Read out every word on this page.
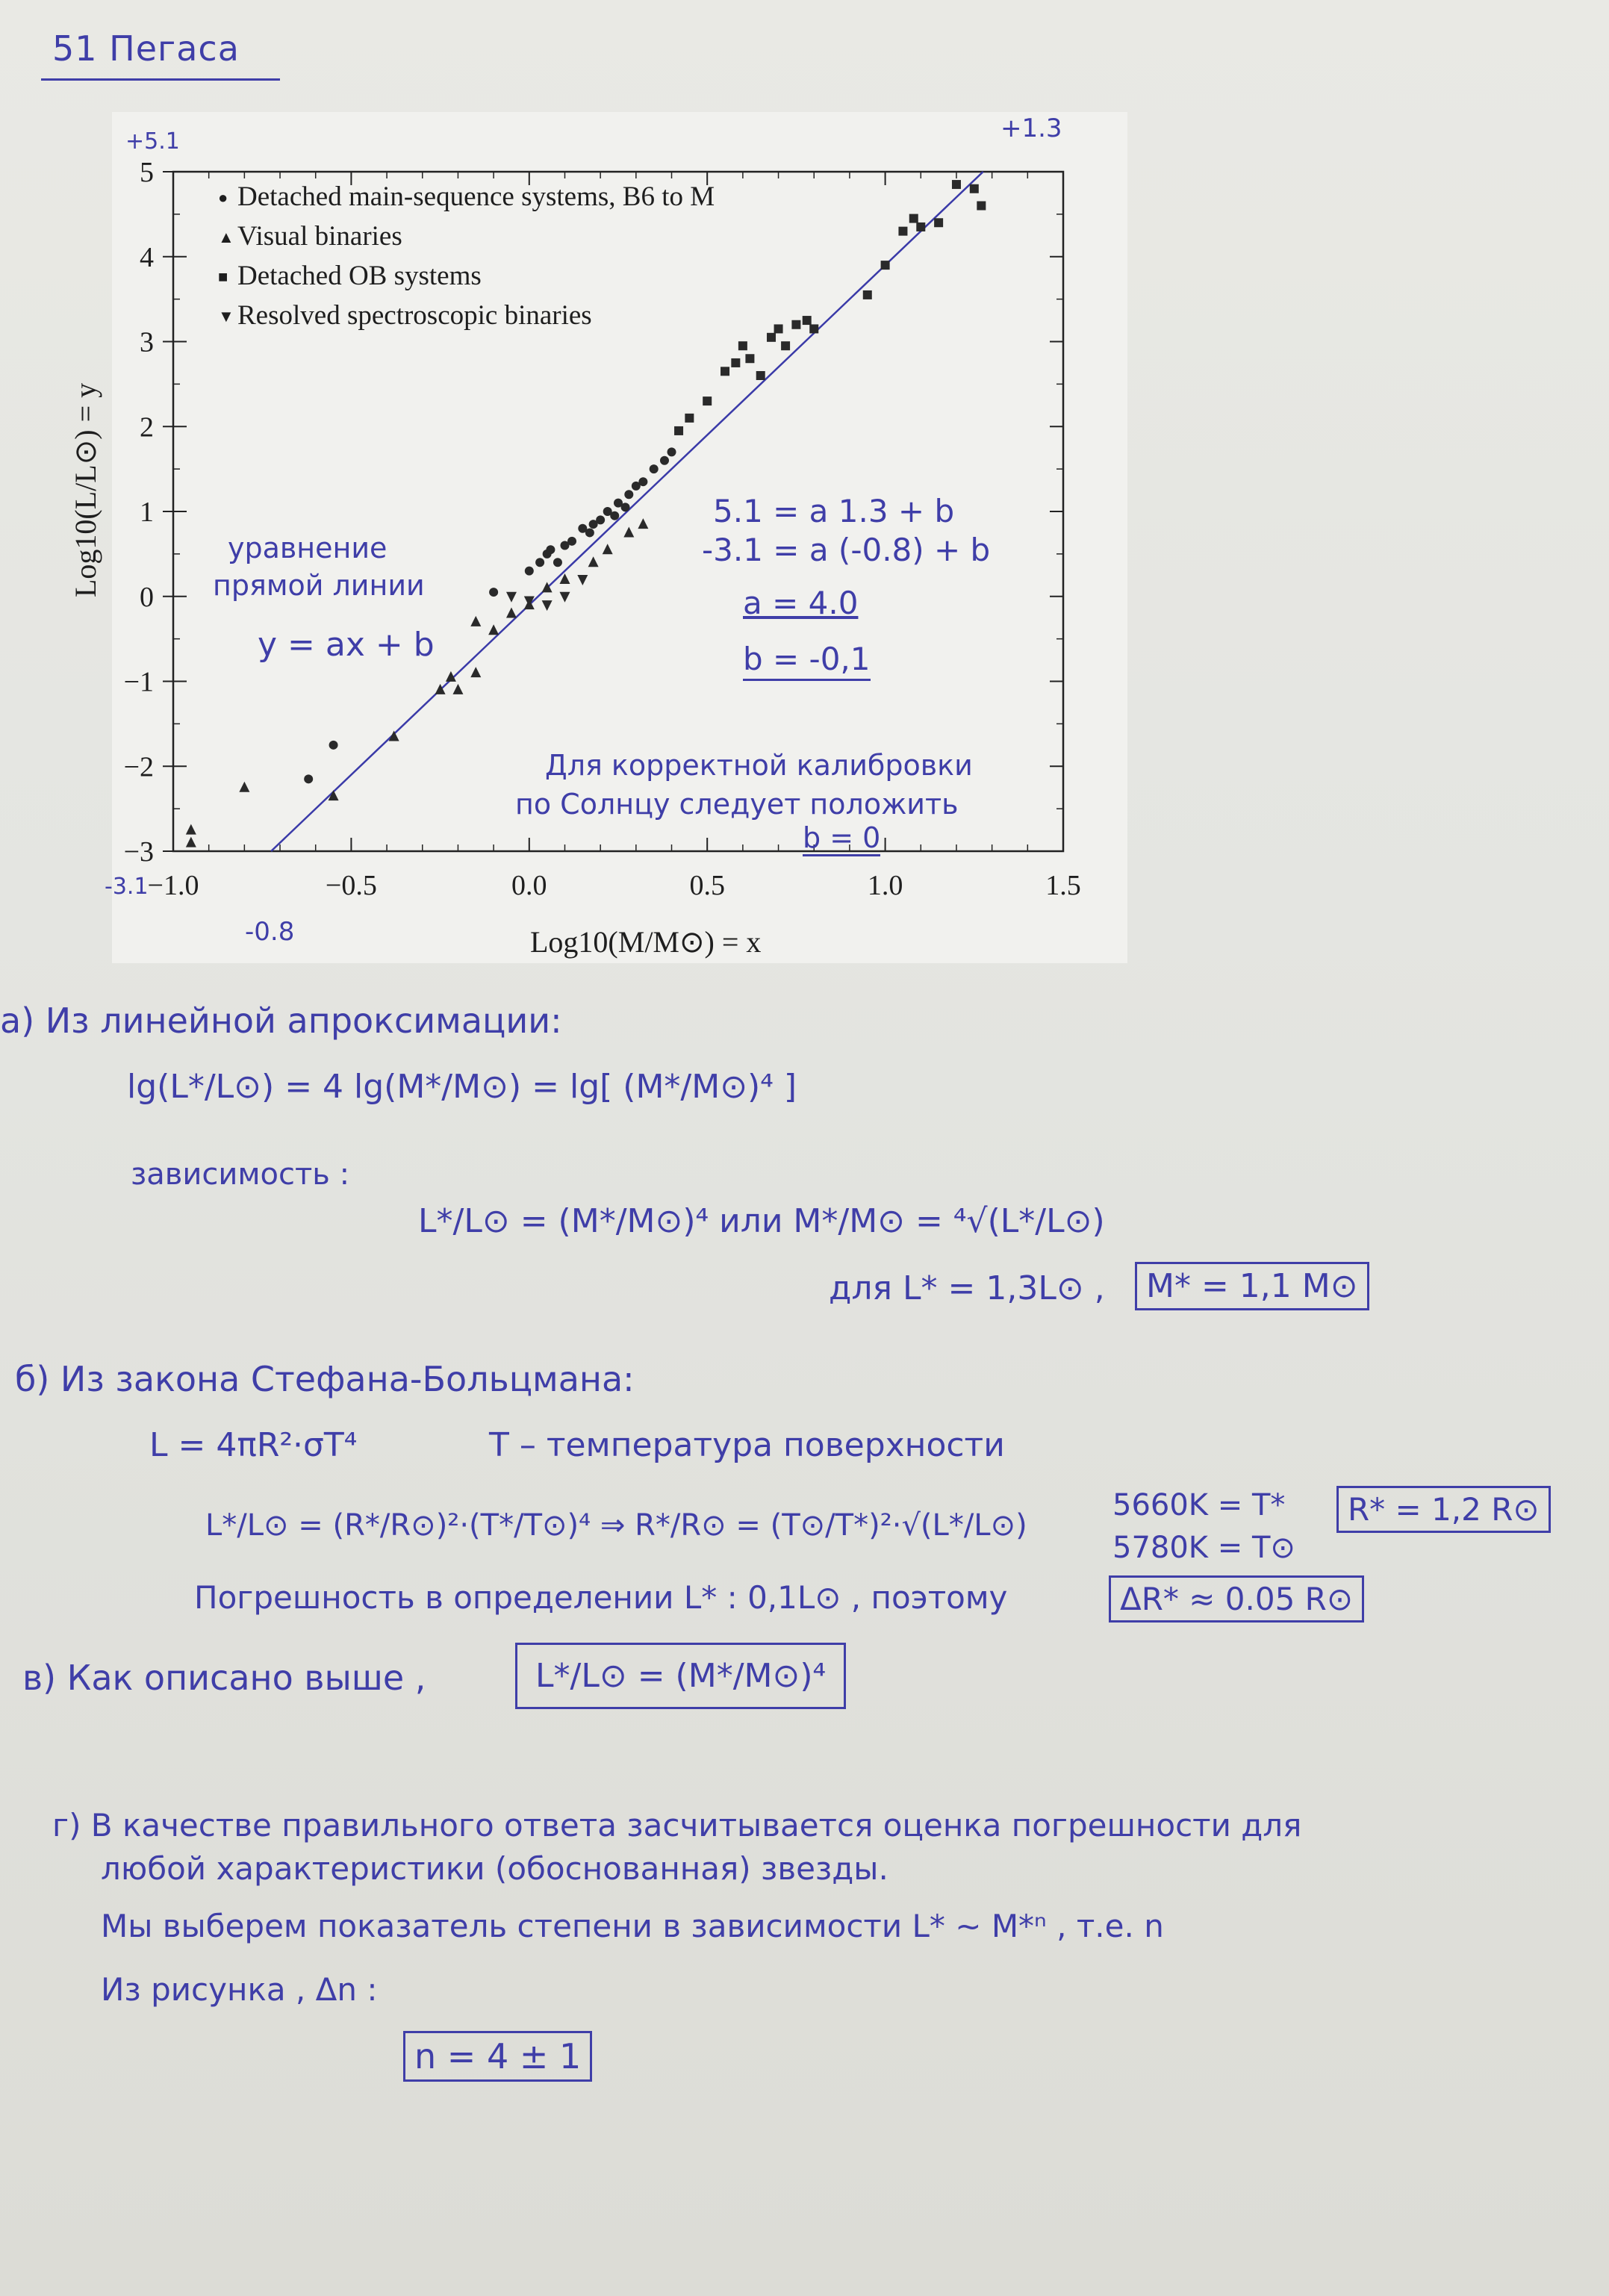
51 Пегаса
−1.0	−0.5	0.0	0.5	1.0	1.5
−3
−2
−1
0
1
2
3
4
5
Detached main-sequence systems, B6 to M
Visual binaries
Detached OB systems
Resolved spectroscopic binaries
●
▲
■
▼
Log10(M/M⊙) = x
Log10(L/L⊙) = y
+5.1	+1.3
-3.1
-0.8
уравнение
прямой линии
y = ax + b
5.1 = a 1.3 + b
-3.1 = a (-0.8) + b
a = 4.0
b = -0,1
Для корректной калибровки
по Солнцу следует положить
b = 0
а) Из линейной апроксимации:
lg(L*/L⊙) = 4 lg(M*/M⊙) = lg[ (M*/M⊙)⁴ ]
зависимость :
L*/L⊙ = (M*/M⊙)⁴ или M*/M⊙ = ⁴√(L*/L⊙)
для L* = 1,3L⊙ ,	M* = 1,1 M⊙
б) Из закона Стефана-Больцмана:
L = 4πR²·σT⁴	T – температура поверхности
L*/L⊙ = (R*/R⊙)²·(T*/T⊙)⁴ ⇒ R*/R⊙ = (T⊙/T*)²·√(L*/L⊙)
5660K = T*
5780K = T⊙
R* = 1,2 R⊙
Погрешность в определении L* : 0,1L⊙ , поэтому	ΔR* ≈ 0.05 R⊙
в) Как описано выше ,	L*/L⊙ = (M*/M⊙)⁴
г) В качестве правильного ответа засчитывается оценка погрешности для
любой характеристики (обоснованная) звезды.
Мы выберем показатель степени в зависимости L* ~ M*ⁿ , т.е. n
Из рисунка , Δn :
n = 4 ± 1
